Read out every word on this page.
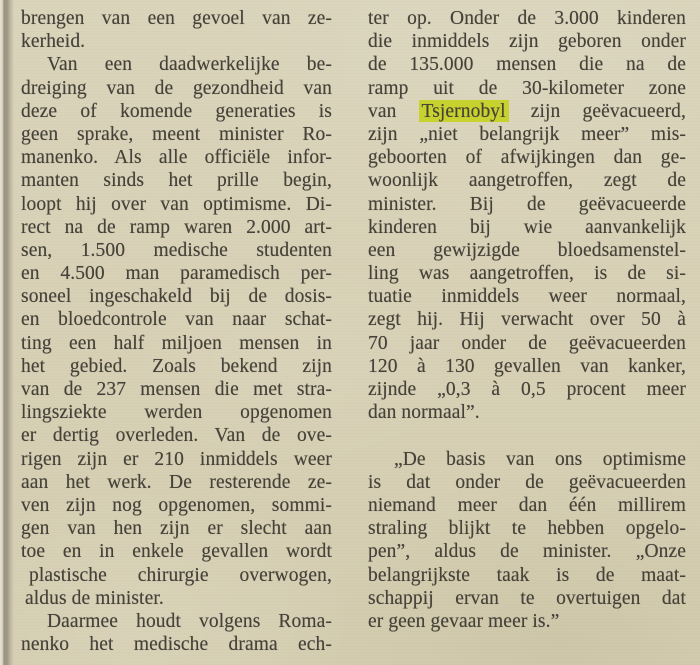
brengen van een gevoel van ze-
kerheid.
Van een daadwerkelijke be-
dreiging van de gezondheid van
deze of komende generaties is
geen sprake, meent minister Ro-
manenko. Als alle officiële infor-
manten sinds het prille begin,
loopt hij over van optimisme. Di-
rect na de ramp waren 2.000 art-
sen, 1.500 medische studenten
en 4.500 man paramedisch per-
soneel ingeschakeld bij de dosis-
en bloedcontrole van naar schat-
ting een half miljoen mensen in
het gebied. Zoals bekend zijn
van de 237 mensen die met stra-
lingsziekte werden opgenomen
er dertig overleden. Van de ove-
rigen zijn er 210 inmiddels weer
aan het werk. De resterende ze-
ven zijn nog opgenomen, sommi-
gen van hen zijn er slecht aan
toe en in enkele gevallen wordt
plastische chirurgie overwogen,
aldus de minister.
Daarmee houdt volgens Roma-
nenko het medische drama ech-
ter op. Onder de 3.000 kinderen
die inmiddels zijn geboren onder
de 135.000 mensen die na de
ramp uit de 30-kilometer zone
van Tsjernobyl zijn geëvacueerd,
zijn „niet belangrijk meer” mis-
geboorten of afwijkingen dan ge-
woonlijk aangetroffen, zegt de
minister. Bij de geëvacueerde
kinderen bij wie aanvankelijk
een gewijzigde bloedsamenstel-
ling was aangetroffen, is de si-
tuatie inmiddels weer normaal,
zegt hij. Hij verwacht over 50 à
70 jaar onder de geëvacueerden
120 à 130 gevallen van kanker,
zijnde „0,3 à 0,5 procent meer
dan normaal”.
„De basis van ons optimisme
is dat onder de geëvacueerden
niemand meer dan één millirem
straling blijkt te hebben opgelo-
pen”, aldus de minister. „Onze
belangrijkste taak is de maat-
schappij ervan te overtuigen dat
er geen gevaar meer is.”
